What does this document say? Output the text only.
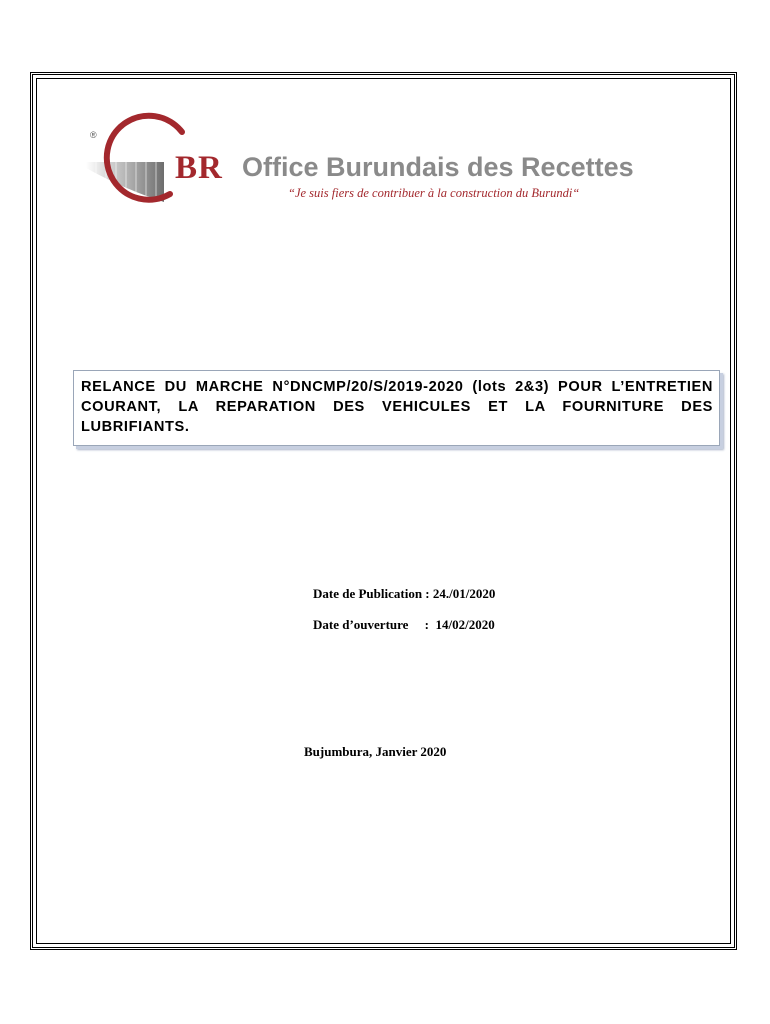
®
BR Office Burundais des Recettes
“Je suis fiers de contribuer à la construction du Burundi“

RELANCE DU MARCHE N°DNCMP/20/S/2019-2020 (lots 2&3) POUR L’ENTRETIEN COURANT, LA REPARATION DES VEHICULES ET LA FOURNITURE DES LUBRIFIANTS.

Date de Publication : 24./01/2020
Date d’ouverture     :  14/02/2020
Bujumbura, Janvier 2020
